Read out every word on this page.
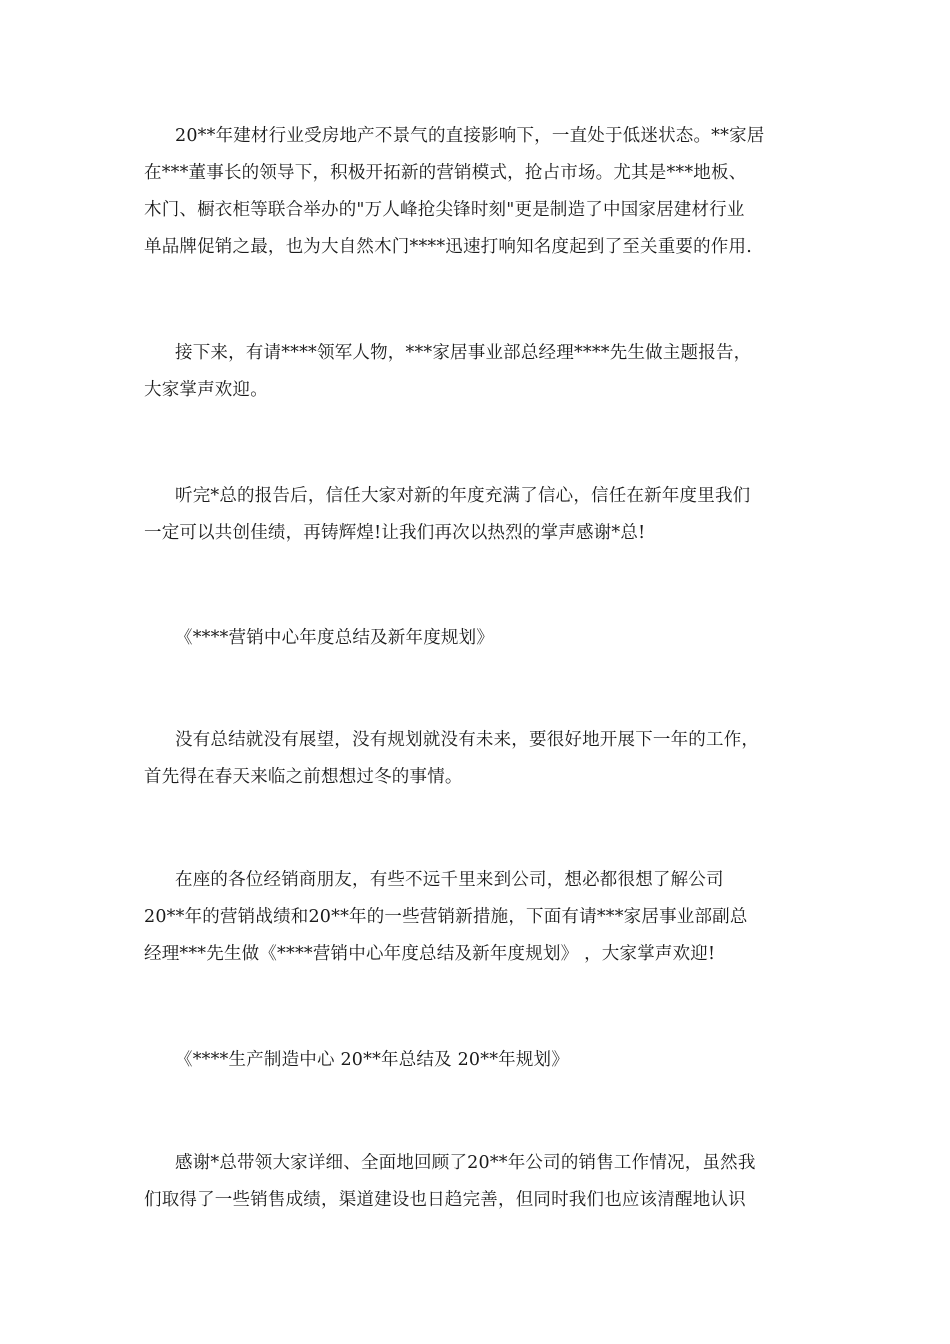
20**年建材行业受房地产不景气的直接影响下，一直处于低迷状态。**家居
在***董事长的领导下，积极开拓新的营销模式，抢占市场。尤其是***地板、
木门、橱衣柜等联合举办的"万人峰抢尖锋时刻"更是制造了中国家居建材行业
单品牌促销之最，也为大自然木门****迅速打响知名度起到了至关重要的作用.
接下来，有请****领军人物，***家居事业部总经理****先生做主题报告，
大家掌声欢迎。
听完*总的报告后，信任大家对新的年度充满了信心，信任在新年度里我们
一定可以共创佳绩，再铸辉煌!让我们再次以热烈的掌声感谢*总!
《****营销中心年度总结及新年度规划》
没有总结就没有展望，没有规划就没有未来，要很好地开展下一年的工作，
首先得在春天来临之前想想过冬的事情。
在座的各位经销商朋友，有些不远千里来到公司，想必都很想了解公司
20**年的营销战绩和20**年的一些营销新措施，下面有请***家居事业部副总
经理***先生做《****营销中心年度总结及新年度规划》 ，大家掌声欢迎!
《****生产制造中心 20**年总结及 20**年规划》
感谢*总带领大家详细、全面地回顾了20**年公司的销售工作情况，虽然我
们取得了一些销售成绩，渠道建设也日趋完善，但同时我们也应该清醒地认识
